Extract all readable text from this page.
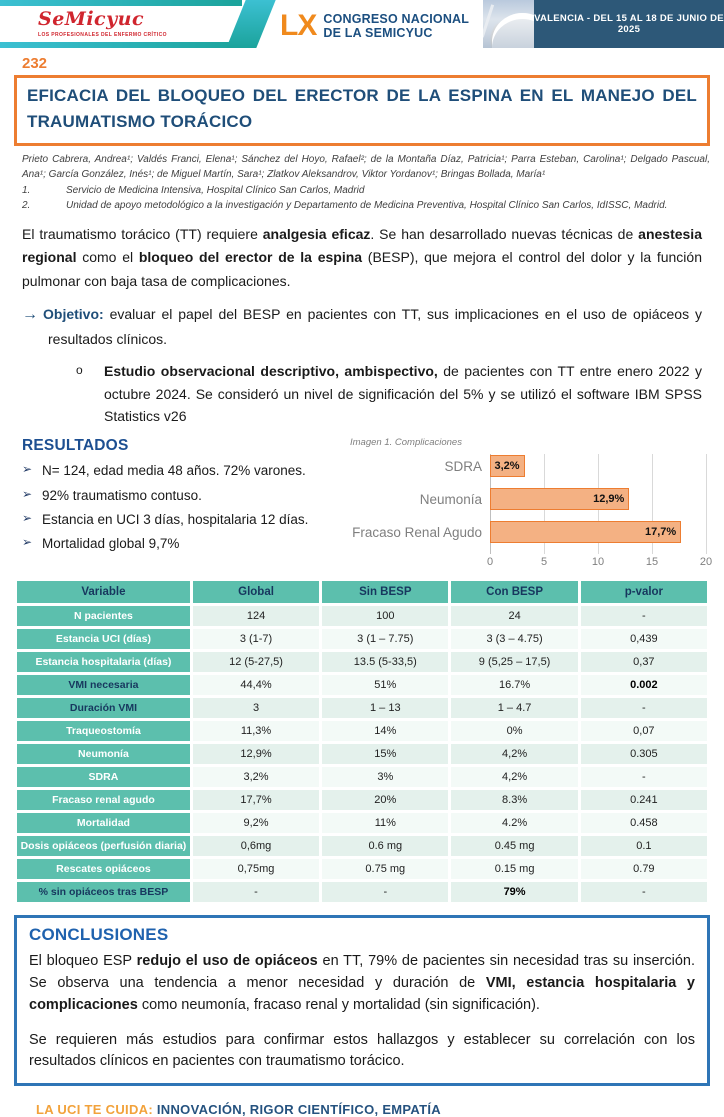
SeMicyuc
LOS PROFESIONALES DEL ENFERMO CRÍTICO	LX CONGRESO NACIONAL
DE LA SEMICYUC
VALENCIA - DEL 15 AL 18 DE JUNIO DE 2025
232
EFICACIA DEL BLOQUEO DEL ERECTOR DE LA ESPINA EN EL MANEJO DEL TRAUMATISMO TORÁCICO
Prieto Cabrera, Andrea¹; Valdés Franci, Elena¹; Sánchez del Hoyo, Rafael²; de la Montaña Díaz, Patricia¹; Parra Esteban, Carolina¹; Delgado Pascual, Ana¹; García González, Inés¹; de Miguel Martín, Sara¹; Zlatkov Aleksandrov, Viktor Yordanov¹; Bringas Bollada, María¹
1.	Servicio de Medicina Intensiva, Hospital Clínico San Carlos, Madrid
2.	Unidad de apoyo metodológico a la investigación y Departamento de Medicina Preventiva, Hospital Clínico San Carlos, IdISSC, Madrid.
El traumatismo torácico (TT) requiere analgesia eficaz. Se han desarrollado nuevas técnicas de anestesia regional como el bloqueo del erector de la espina (BESP), que mejora el control del dolor y la función pulmonar con baja tasa de complicaciones.
→ Objetivo: evaluar el papel del BESP en pacientes con TT, sus implicaciones en el uso de opiáceos y resultados clínicos.
o	Estudio observacional descriptivo, ambispectivo, de pacientes con TT entre enero 2022 y octubre 2024. Se consideró un nivel de significación del 5% y se utilizó el software IBM SPSS Statistics v26
RESULTADOS
➢ N= 124, edad media 48 años. 72% varones.
➢ 92% traumatismo contuso.
➢ Estancia en UCI 3 días, hospitalaria 12 días.
➢ Mortalidad global 9,7%
Imagen 1. Complicaciones
SDRA 3,2%
Neumonía	12,9%
Fracaso Renal Agudo	17,7%
0	5	10	15	20
Variable	Global	Sin BESP	Con BESP	p-valor
N pacientes	124	100	24	-
Estancia UCI (días)	3 (1-7)	3 (1 – 7.75)	3 (3 – 4.75)	0,439
Estancia hospitalaria (días)	12 (5-27,5)	13.5 (5-33,5)	9 (5,25 – 17,5)	0,37
VMI necesaria	44,4%	51%	16.7%	0.002
Duración VMI	3	1 – 13	1 – 4.7	-
Traqueostomía	11,3%	14%	0%	0,07
Neumonía	12,9%	15%	4,2%	0.305
SDRA	3,2%	3%	4,2%	-
Fracaso renal agudo	17,7%	20%	8.3%	0.241
Mortalidad	9,2%	11%	4.2%	0.458
Dosis opiáceos (perfusión diaria)	0,6mg	0.6 mg	0.45 mg	0.1
Rescates opiáceos	0,75mg	0.75 mg	0.15 mg	0.79
% sin opiáceos tras BESP	-	-	79%	-
CONCLUSIONES
El bloqueo ESP redujo el uso de opiáceos en TT, 79% de pacientes sin necesidad tras su inserción. Se observa una tendencia a menor necesidad y duración de VMI, estancia hospitalaria y complicaciones como neumonía, fracaso renal y mortalidad (sin significación).
Se requieren más estudios para confirmar estos hallazgos y establecer su correlación con los resultados clínicos en pacientes con traumatismo torácico.
LA UCI TE CUIDA: INNOVACIÓN, RIGOR CIENTÍFICO, EMPATÍA
